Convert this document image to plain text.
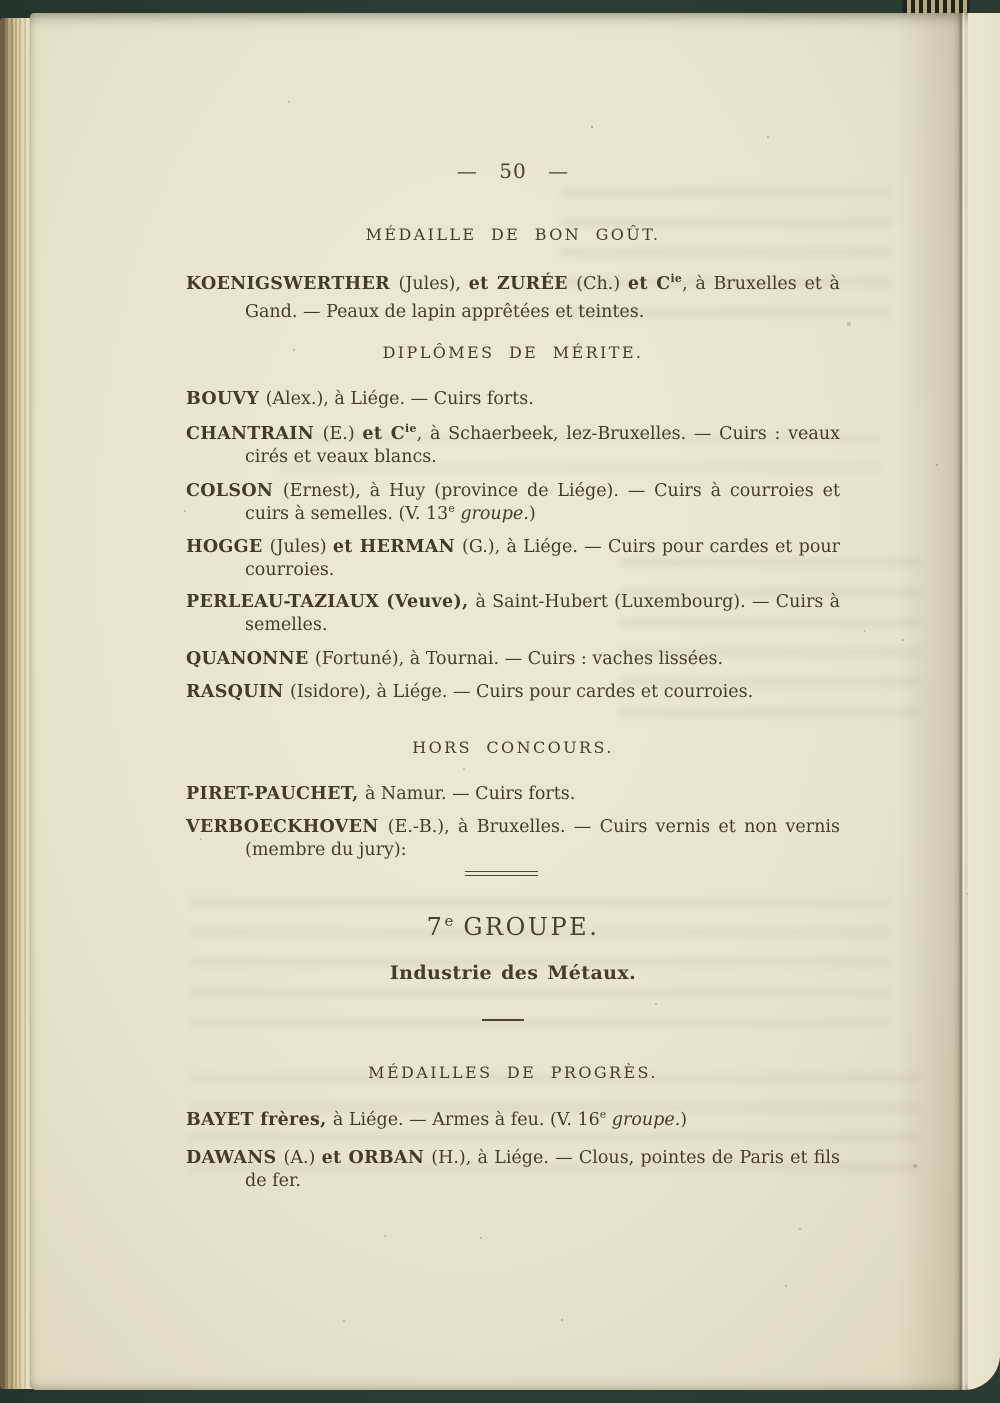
— 50 —
MÉDAILLE DE BON GOÛT.
KOENIGSWERTHER (Jules), et ZURÉE (Ch.) et $C^{ie}$, à Bruxelles et à Gand. — Peaux de lapin apprêtées et teintes.
DIPLÔMES DE MÉRITE.
BOUVY (Alex.), à Liége. — Cuirs forts.
CHANTRAIN (E.) et $C^{ie}$, à Schaerbeek, lez-Bruxelles. — Cuirs : veaux cirés et veaux blancs.
COLSON (Ernest), à Huy (province de Liége). — Cuirs à courroies et cuirs à semelles. (V. 13e groupe.)
HOGGE (Jules) et HERMAN (G.), à Liége. — Cuirs pour cardes et pour courroies.
PERLEAU-TAZIAUX (Veuve), à Saint-Hubert (Luxembourg). — Cuirs à semelles.
QUANONNE (Fortuné), à Tournai. — Cuirs : vaches lissées.
RASQUIN (Isidore), à Liége. — Cuirs pour cardes et courroies.
HORS CONCOURS.
PIRET-PAUCHET, à Namur. — Cuirs forts.
VERBOECKHOVEN (E.-B.), à Bruxelles. — Cuirs vernis et non vernis (membre du jury):
7e GROUPE.
Industrie des Métaux.
MÉDAILLES DE PROGRÈS.
BAYET frères, à Liége. — Armes à feu. (V. 16e groupe.)
DAWANS (A.) et ORBAN (H.), à Liége. — Clous, pointes de Paris et fils de fer.
